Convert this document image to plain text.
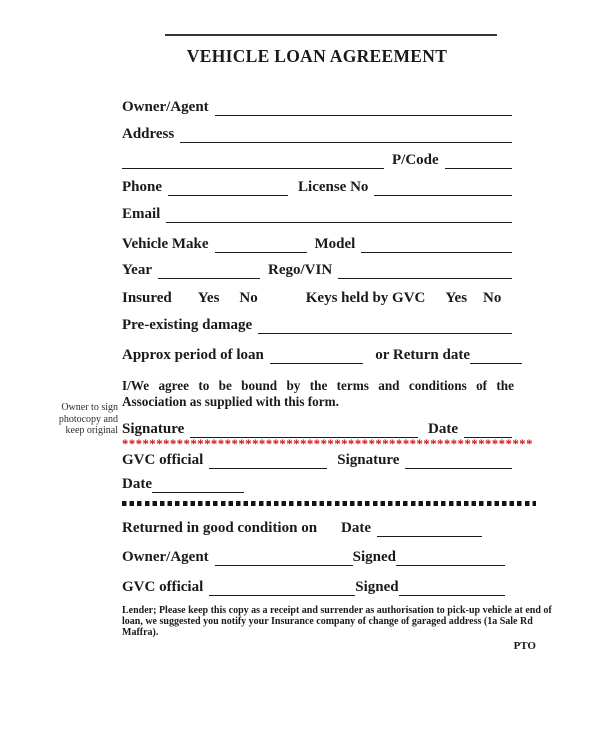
VEHICLE LOAN AGREEMENT
Owner/Agent
Address
P/Code
Phone	License No
Email
Vehicle Make	Model
Year	Rego/VIN
Insured Yes No	Keys held by GVC Yes No
Pre-existing damage
Approx period of loan	or Return date
I/We agree to be bound by the terms and conditions of the Association as supplied with this form.
Owner to sign
photocopy and
keep original Signature	Date
************************************************************
GVC official	Signature
Date
Returned in good condition on Date
Owner/Agent	Signed
GVC official	Signed
Lender; Please keep this copy as a receipt and surrender as authorisation to pick-up vehicle at end of
loan, we suggested you notify your Insurance company of change of garaged address (1a Sale Rd
Maffra).
PTO
